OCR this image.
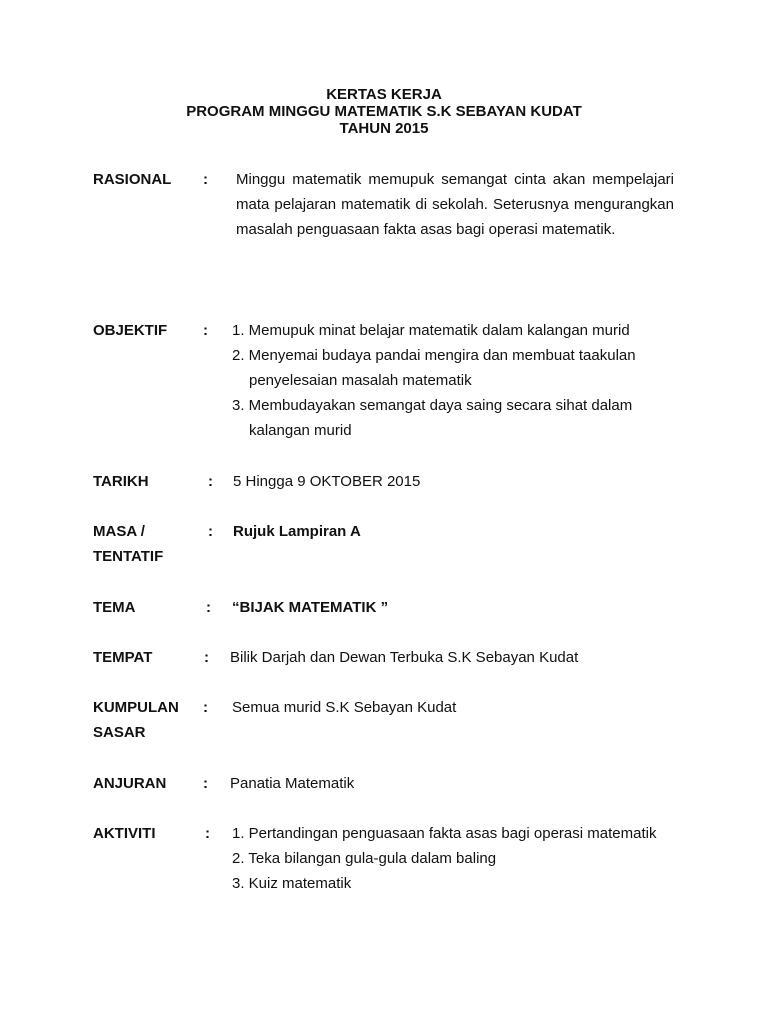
KERTAS KERJA
PROGRAM MINGGU MATEMATIK S.K SEBAYAN KUDAT
TAHUN 2015
RASIONAL : Minggu matematik memupuk semangat cinta akan mempelajari mata pelajaran matematik di sekolah. Seterusnya mengurangkan masalah penguasaan fakta asas bagi operasi matematik.
OBJEKTIF : 1. Memupuk minat belajar matematik dalam kalangan murid
2. Menyemai budaya pandai mengira dan membuat taakulan penyelesaian masalah matematik
3. Membudayakan semangat daya saing secara sihat dalam kalangan murid
TARIKH	: 5 Hingga 9 OKTOBER 2015
MASA /
TENTATIF
: Rujuk Lampiran A
TEMA	: “BIJAK MATEMATIK ”
TEMPAT	: Bilik Darjah dan Dewan Terbuka S.K Sebayan Kudat
KUMPULAN
SASAR
: Semua murid S.K Sebayan Kudat
ANJURAN : Panatia Matematik
AKTIVITI	: 1. Pertandingan penguasaan fakta asas bagi operasi matematik
2. Teka bilangan gula-gula dalam baling
3. Kuiz matematik
